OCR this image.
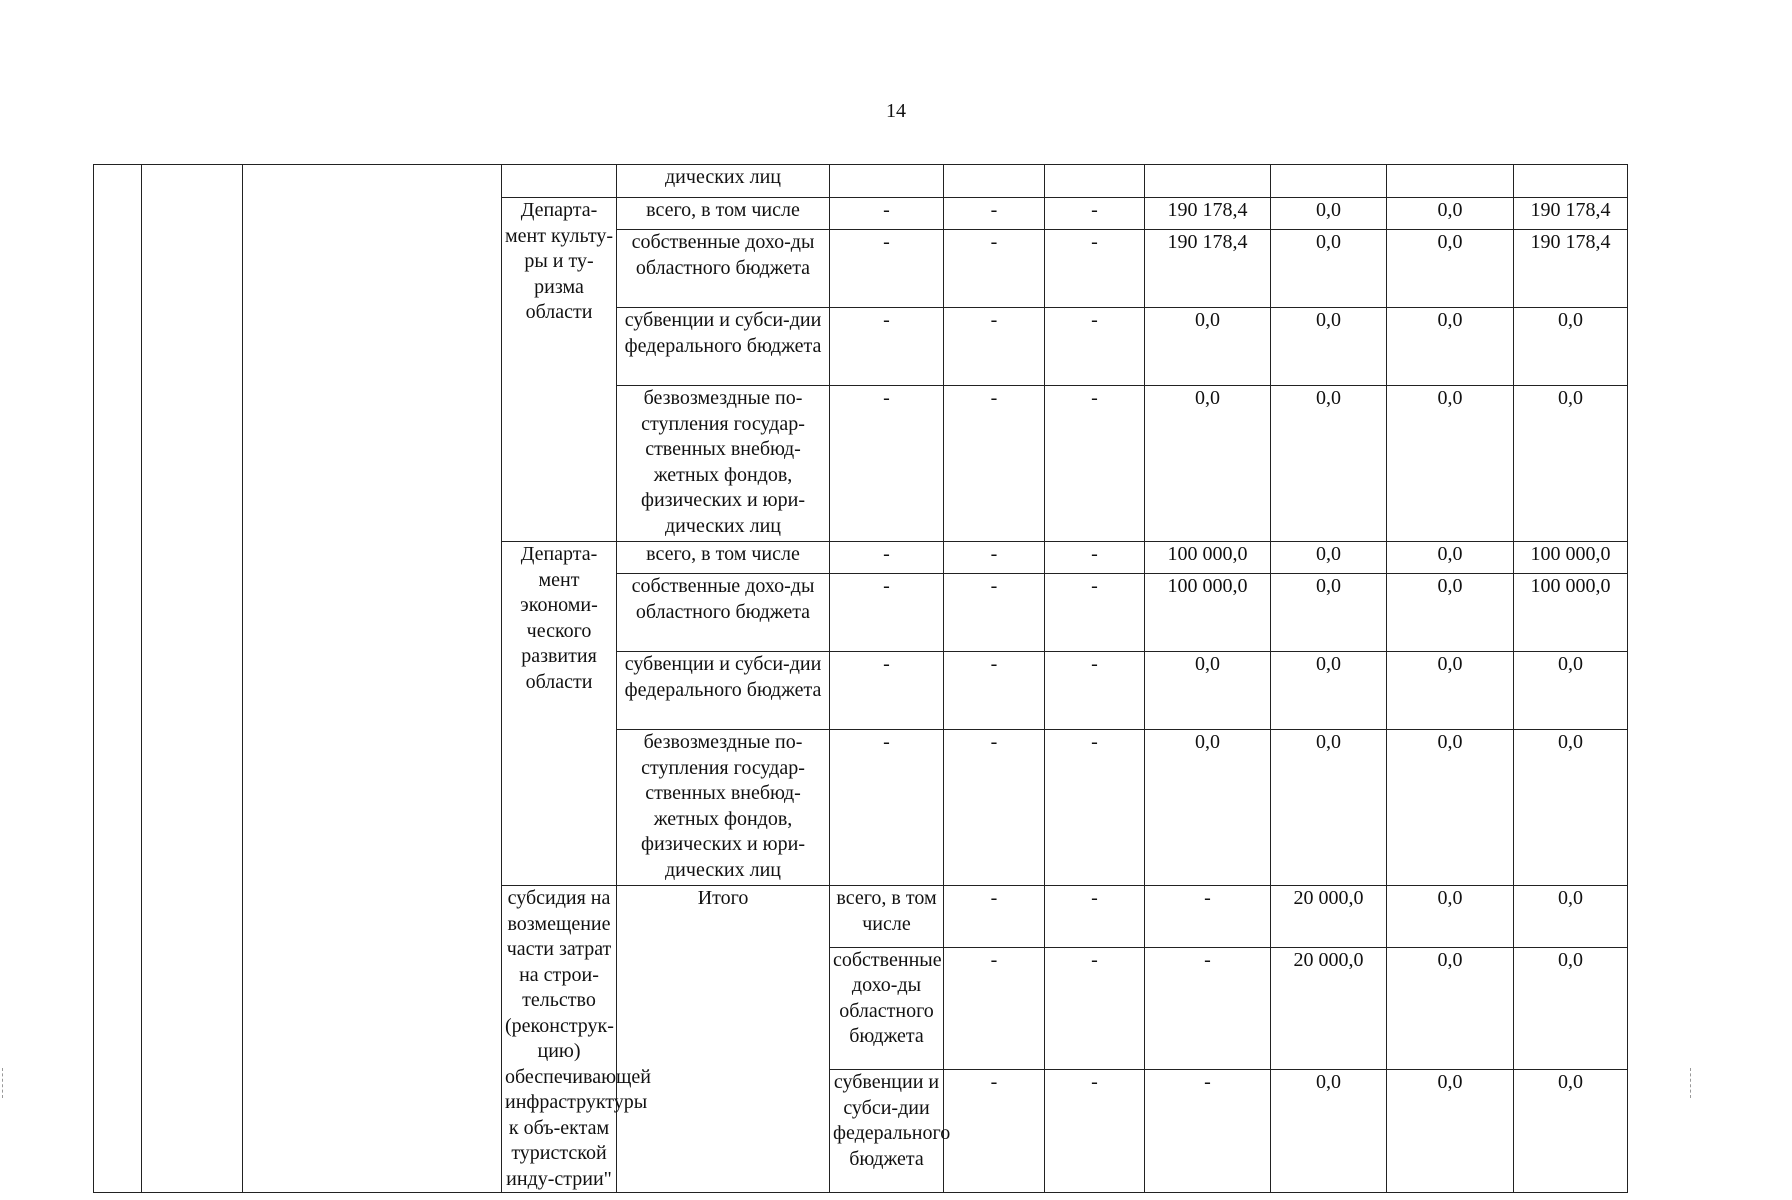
14
				дических лиц								
			Департа-мент культу-ры и ту-ризма области	всего, в том числе	-	-	-	190 178,4	0,0	0,0	190 178,4	
				собственные дохо-ды областного бюджета	-	-	-	190 178,4	0,0	0,0	190 178,4	
				субвенции и субси-дии федерального бюджета	-	-	-	0,0	0,0	0,0	0,0	
				безвозмездные по-ступления государ-ственных внебюд-жетных фондов, физических и юри-дических лиц	-	-	-	0,0	0,0	0,0	0,0	
			Департа-мент экономи-ческого развития области	всего, в том числе	-	-	-	100 000,0	0,0	0,0	100 000,0	
				собственные дохо-ды областного бюджета	-	-	-	100 000,0	0,0	0,0	100 000,0	
				субвенции и субси-дии федерального бюджета	-	-	-	0,0	0,0	0,0	0,0	
				безвозмездные по-ступления государ-ственных внебюд-жетных фондов, физических и юри-дических лиц	-	-	-	0,0	0,0	0,0	0,0	
			субсидия на возмещение части затрат на строи-тельство (реконструк-цию) обеспечивающей инфраструктуры к объ-ектам туристской инду-стрии"	Итого	всего, в том числе	-	-	-	20 000,0	0,0	0,0	
					собственные дохо-ды областного бюджета	-	-	-	20 000,0	0,0	0,0	
					субвенции и субси-дии федерального бюджета	-	-	-	0,0	0,0	0,0	
